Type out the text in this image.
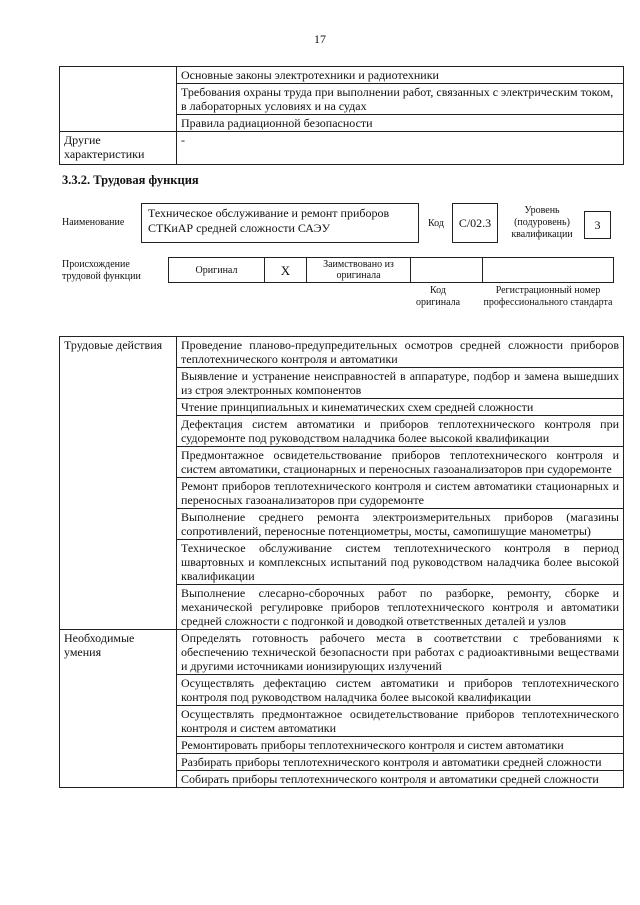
17
	Основные законы электротехники и радиотехники
	Требования охраны труда при выполнении работ, связанных с электрическим током, в лабораторных условиях и на судах
	Правила радиационной безопасности
Другие характеристики	-
3.3.2. Трудовая функция
Наименование
Техническое обслуживание и ремонт приборов СТКиАР средней сложности САЭУ	Код	С/02.3
Уровень (подуровень) квалификации
3
Происхождение трудовой функции
Оригинал	X	Заимствовано из оригинала
Код оригинала
Регистрационный номер профессионального стандарта
Трудовые действия	Проведение планово-предупредительных осмотров средней сложности приборов теплотехнического контроля и автоматики
	Выявление и устранение неисправностей в аппаратуре, подбор и замена вышедших из строя электронных компонентов
	Чтение принципиальных и кинематических схем средней сложности
	Дефектация систем автоматики и приборов теплотехнического контроля при судоремонте под руководством наладчика более высокой квалификации
	Предмонтажное освидетельствование приборов теплотехнического контроля и систем автоматики, стационарных и переносных газоанализаторов при судоремонте
	Ремонт приборов теплотехнического контроля и систем автоматики стационарных и переносных газоанализаторов при судоремонте
	Выполнение среднего ремонта электроизмерительных приборов (магазины сопротивлений, переносные потенциометры, мосты, самопишущие манометры)
	Техническое обслуживание систем теплотехнического контроля в период швартовных и комплексных испытаний под руководством наладчика более высокой квалификации
	Выполнение слесарно-сборочных работ по разборке, ремонту, сборке и механической регулировке приборов теплотехнического контроля и автоматики средней сложности с подгонкой и доводкой ответственных деталей и узлов
Необходимые умения	Определять готовность рабочего места в соответствии с требованиями к обеспечению технической безопасности при работах с радиоактивными веществами и другими источниками ионизирующих излучений
	Осуществлять дефектацию систем автоматики и приборов теплотехнического контроля под руководством наладчика более высокой квалификации
	Осуществлять предмонтажное освидетельствование приборов теплотехнического контроля и систем автоматики
	Ремонтировать приборы теплотехнического контроля и систем автоматики
	Разбирать приборы теплотехнического контроля и автоматики средней сложности
	Собирать приборы теплотехнического контроля и автоматики средней сложности
